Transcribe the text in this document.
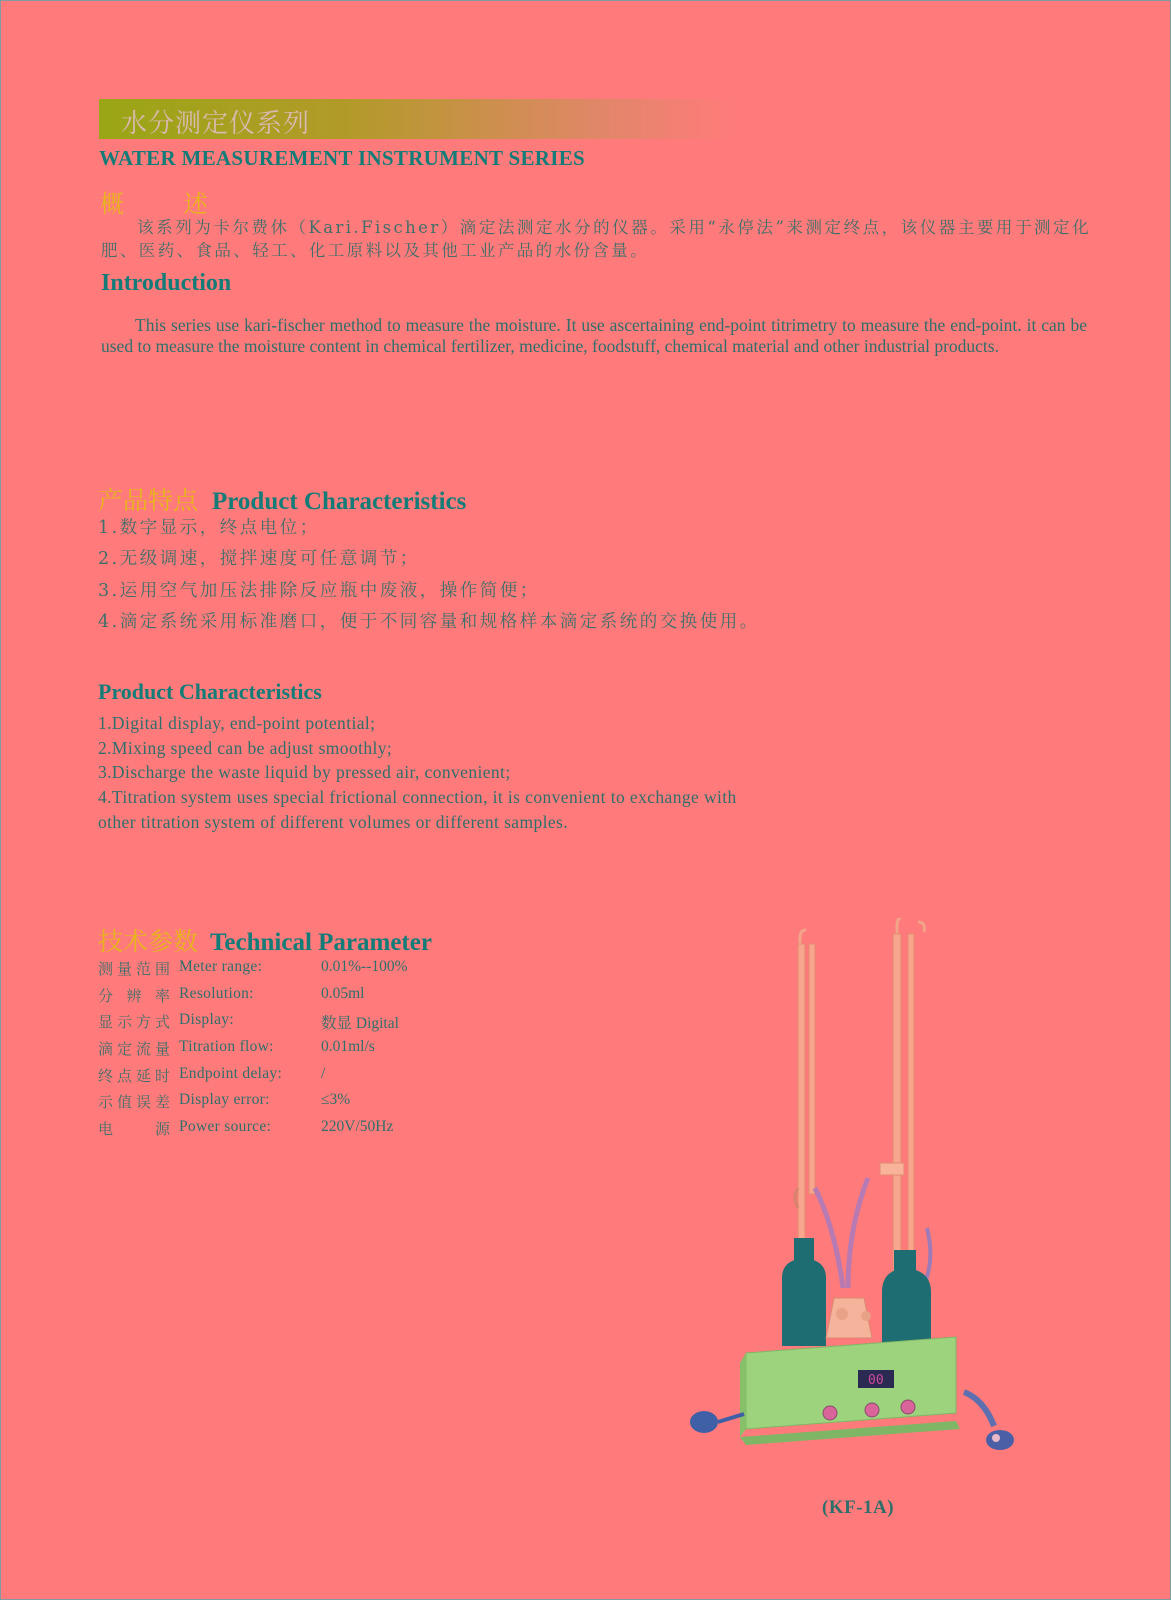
水分测定仪系列
WATER MEASUREMENT INSTRUMENT SERIES
概 述
该系列为卡尔费休（Kari.Fischer）滴定法测定水分的仪器。采用“永停法”来测定终点，该仪器主要用于测定化肥、医药、食品、轻工、化工原料以及其他工业产品的水份含量。
Introduction
This series use kari-fischer method to measure the moisture. It use ascertaining end-point titrimetry to measure the end-point. it can be used to measure the moisture content in chemical fertilizer, medicine, foodstuff, chemical material and other industrial products.
产品特点 Product Characteristics
1.数字显示，终点电位；
2.无级调速，搅拌速度可任意调节；
3.运用空气加压法排除反应瓶中废液，操作简便；
4.滴定系统采用标准磨口，便于不同容量和规格样本滴定系统的交换使用。
Product Characteristics
1.Digital display, end-point potential;
2.Mixing speed can be adjust smoothly;
3.Discharge the waste liquid by pressed air, convenient;
4.Titration system uses special frictional connection, it is convenient to exchange with
other titration system of different volumes or different samples.
技术参数 Technical Parameter
测量范围 Meter range:	0.01%--100%
分辨率 Resolution:	0.05ml
显示方式 Display:	数显 Digital
滴定流量 Titration flow:	0.01ml/s
终点延时 Endpoint delay:	/
示值误差 Display error:	≤3%
电源 Power source:	220V/50Hz
00
(KF-1A)
